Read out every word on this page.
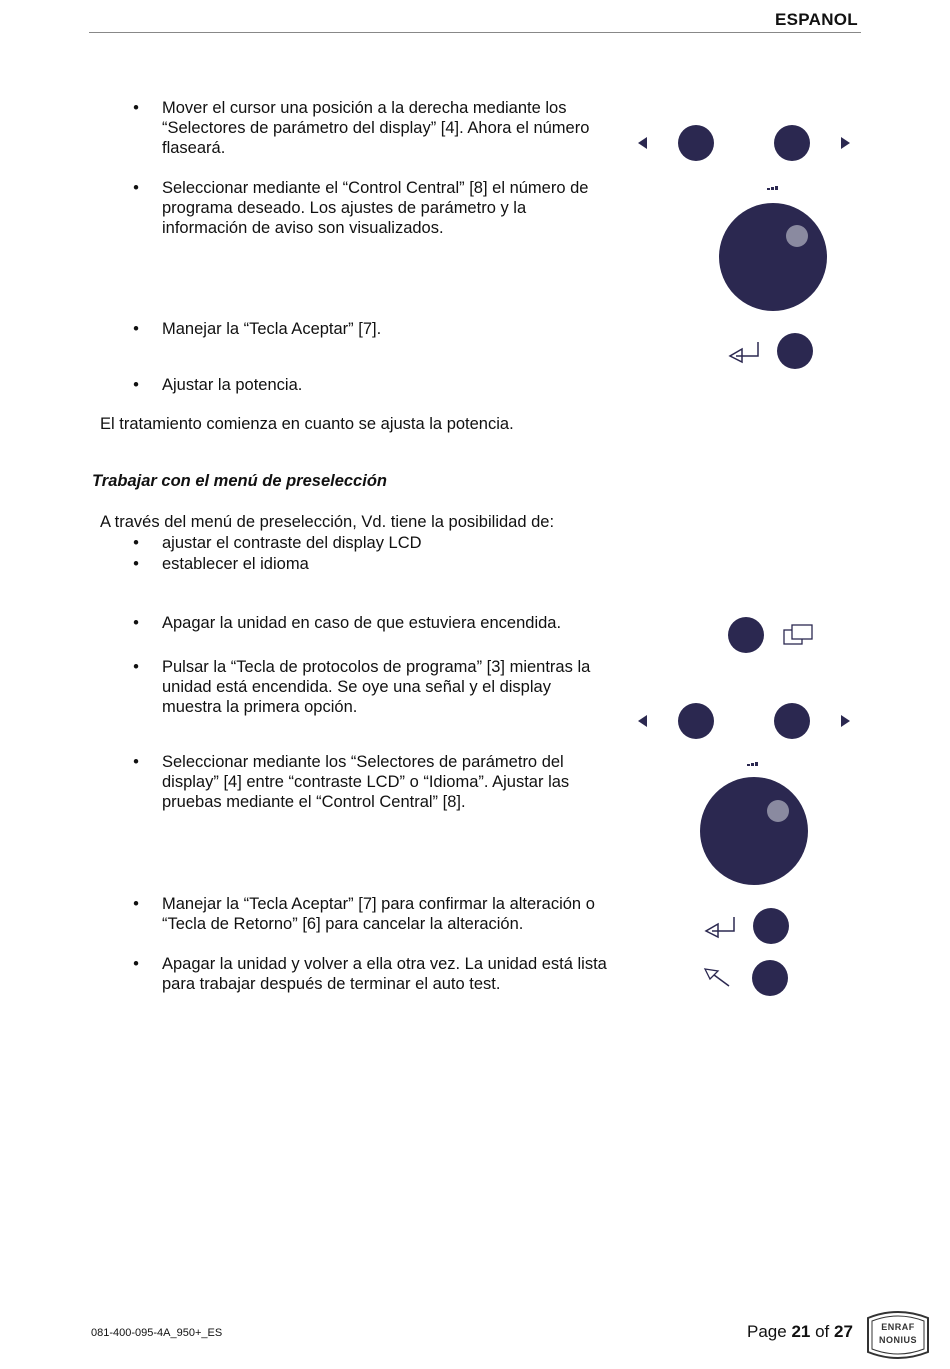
ESPANOL
• Mover el cursor una posición a la derecha mediante los “Selectores de parámetro del display” [4]. Ahora el número flaseará.
• Seleccionar mediante el “Control Central” [8] el número de programa deseado. Los ajustes de parámetro y la información de aviso son visualizados.
• Manejar la “Tecla Aceptar” [7].
• Ajustar la potencia.
El tratamiento comienza en cuanto se ajusta la potencia.
Trabajar con el menú de preselección
A través del menú de preselección, Vd. tiene la posibilidad de:
• ajustar el contraste del display LCD
• establecer el idioma
• Apagar la unidad en caso de que estuviera encendida.
• Pulsar la “Tecla de protocolos de programa” [3] mientras la unidad está encendida. Se oye una señal y el display muestra la primera opción.
• Seleccionar mediante los “Selectores de parámetro del display” [4] entre “contraste LCD” o “Idioma”. Ajustar las pruebas mediante el “Control Central” [8].
• Manejar la “Tecla Aceptar” [7] para confirmar la alteración o “Tecla de Retorno” [6] para cancelar la alteración.
• Apagar la unidad y volver a ella otra vez. La unidad está lista para trabajar después de terminar el auto test.
081-400-095-4A_950+_ES	Page 21 of 27	ENRAF
NONIUS
